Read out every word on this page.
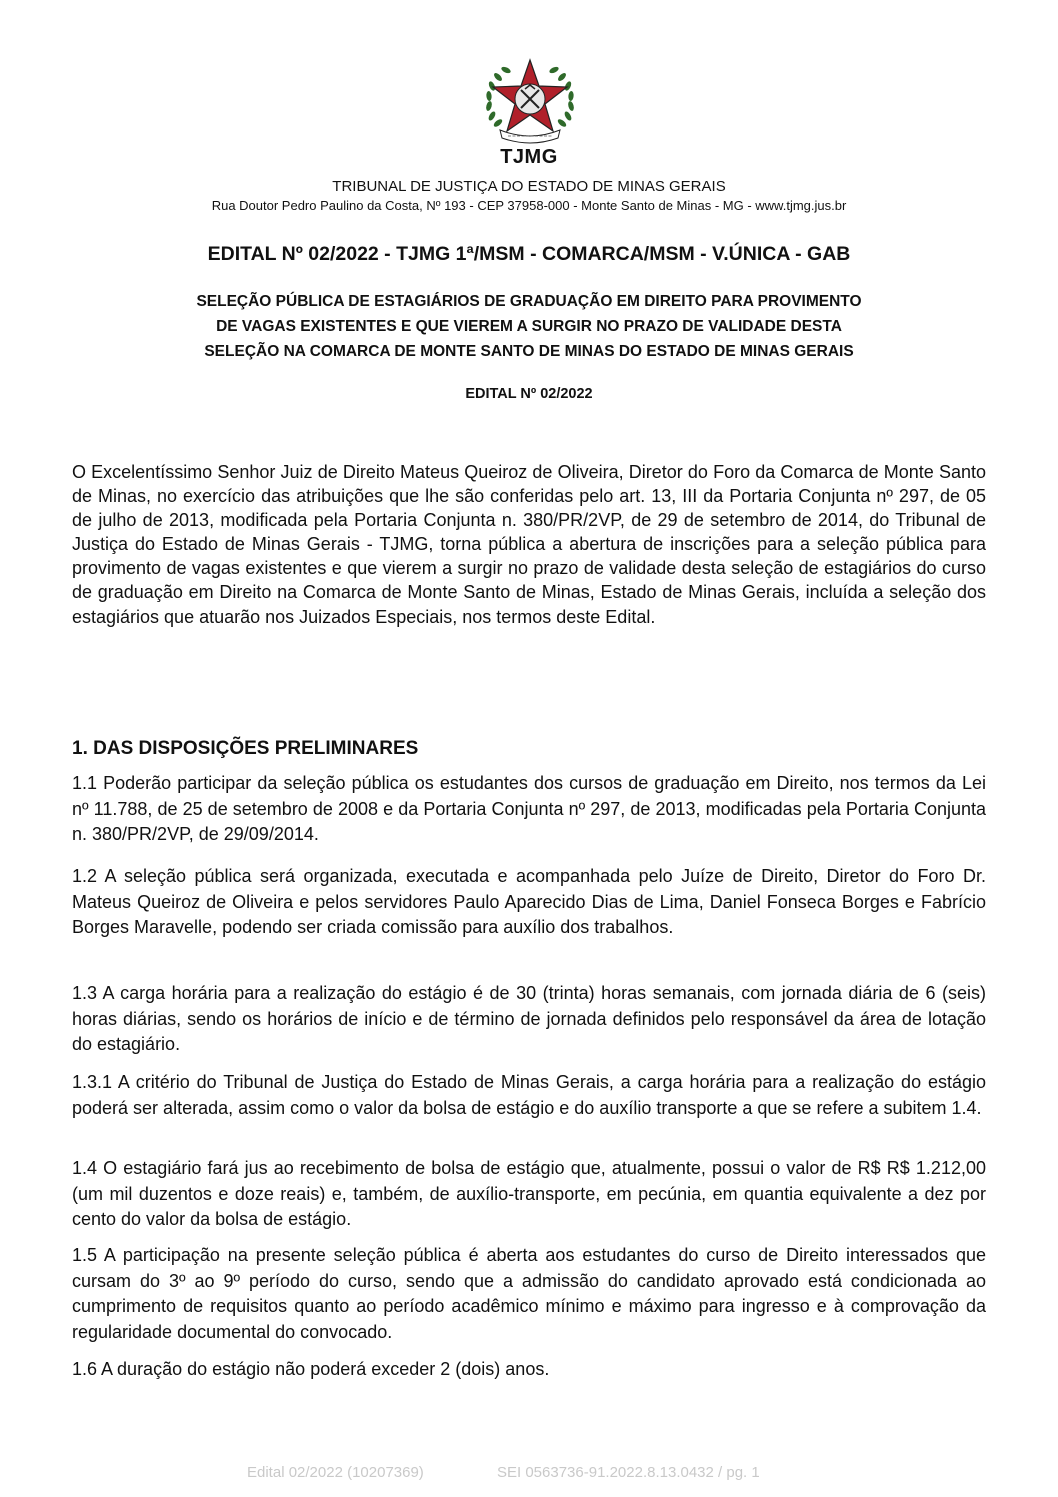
TJMG
TRIBUNAL DE JUSTIÇA DO ESTADO DE MINAS GERAIS
Rua Doutor Pedro Paulino da Costa, Nº 193 - CEP 37958-000 - Monte Santo de Minas - MG - www.tjmg.jus.br
EDITAL Nº 02/2022 - TJMG 1ª/MSM - COMARCA/MSM - V.ÚNICA - GAB
SELEÇÃO PÚBLICA DE ESTAGIÁRIOS DE GRADUAÇÃO EM DIREITO PARA PROVIMENTO
DE VAGAS EXISTENTES E QUE VIEREM A SURGIR NO PRAZO DE VALIDADE DESTA
SELEÇÃO NA COMARCA DE MONTE SANTO DE MINAS DO ESTADO DE MINAS GERAIS
EDITAL Nº 02/2022
O Excelentíssimo Senhor Juiz de Direito Mateus Queiroz de Oliveira, Diretor do Foro da Comarca de Monte Santo de Minas, no exercício das atribuições que lhe são conferidas pelo art. 13, III da Portaria Conjunta nº 297, de 05 de julho de 2013, modificada pela Portaria Conjunta n. 380/PR/2VP, de 29 de setembro de 2014, do Tribunal de Justiça do Estado de Minas Gerais - TJMG, torna pública a abertura de inscrições para a seleção pública para provimento de vagas existentes e que vierem a surgir no prazo de validade desta seleção de estagiários do curso de graduação em Direito na Comarca de Monte Santo de Minas, Estado de Minas Gerais, incluída a seleção dos estagiários que atuarão nos Juizados Especiais, nos termos deste Edital.
1. DAS DISPOSIÇÕES PRELIMINARES
1.1 Poderão participar da seleção pública os estudantes dos cursos de graduação em Direito, nos termos da Lei nº 11.788, de 25 de setembro de 2008 e da Portaria Conjunta nº 297, de 2013, modificadas pela Portaria Conjunta n. 380/PR/2VP, de 29/09/2014.
1.2 A seleção pública será organizada, executada e acompanhada pelo Juíze de Direito, Diretor do Foro Dr. Mateus Queiroz de Oliveira e pelos servidores Paulo Aparecido Dias de Lima, Daniel Fonseca Borges e Fabrício Borges Maravelle, podendo ser criada comissão para auxílio dos trabalhos.
1.3 A carga horária para a realização do estágio é de 30 (trinta) horas semanais, com jornada diária de 6 (seis) horas diárias, sendo os horários de início e de término de jornada definidos pelo responsável da área de lotação do estagiário.
1.3.1 A critério do Tribunal de Justiça do Estado de Minas Gerais, a carga horária para a realização do estágio poderá ser alterada, assim como o valor da bolsa de estágio e do auxílio transporte a que se refere a subitem 1.4.
1.4 O estagiário fará jus ao recebimento de bolsa de estágio que, atualmente, possui o valor de R$ R$ 1.212,00 (um mil duzentos e doze reais) e, também, de auxílio-transporte, em pecúnia, em quantia equivalente a dez por cento do valor da bolsa de estágio.
1.5 A participação na presente seleção pública é aberta aos estudantes do curso de Direito interessados que cursam do 3º ao 9º período do curso, sendo que a admissão do candidato aprovado está condicionada ao cumprimento de requisitos quanto ao período acadêmico mínimo e máximo para ingresso e à comprovação da regularidade documental do convocado.
1.6 A duração do estágio não poderá exceder 2 (dois) anos.
Edital 02/2022 (10207369)	SEI 0563736-91.2022.8.13.0432 / pg. 1
